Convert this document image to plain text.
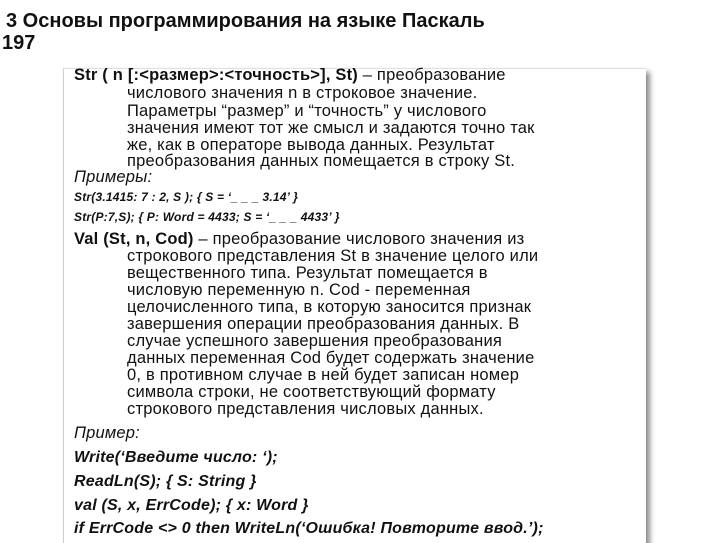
3 Основы программирования на языке Паскаль
197
Str ( n [:<размер>:<точность>], St) – преобразование
числового значения n в строковое значение.
Параметры “размер” и “точность” у числового
значения имеют тот же смысл и задаются точно так
же, как в операторе вывода данных. Результат
преобразования данных помещается в строку St.
Примеры:
Str(3.1415: 7 : 2, S ); { S = ‘_ _ _ 3.14’ }
Str(P:7,S); { P: Word = 4433; S = ‘_ _ _ 4433’ }
Val (St, n, Cod) – преобразование числового значения из
строкового представления St в значение целого или
вещественного типа. Результат помещается в
числовую переменную n. Cod - переменная
целочисленного типа, в которую заносится признак
завершения операции преобразования данных. В
случае успешного завершения преобразования
данных переменная Cod будет содержать значение
0, в противном случае в ней будет записан номер
символа строки, не соответствующий формату
строкового представления числовых данных.
Пример:
Write(‘Введите число: ‘);
ReadLn(S); { S: String }
val (S, x, ErrCode); { x: Word }
if ErrCode <> 0 then WriteLn(‘Ошибка! Повторите ввод.’);
